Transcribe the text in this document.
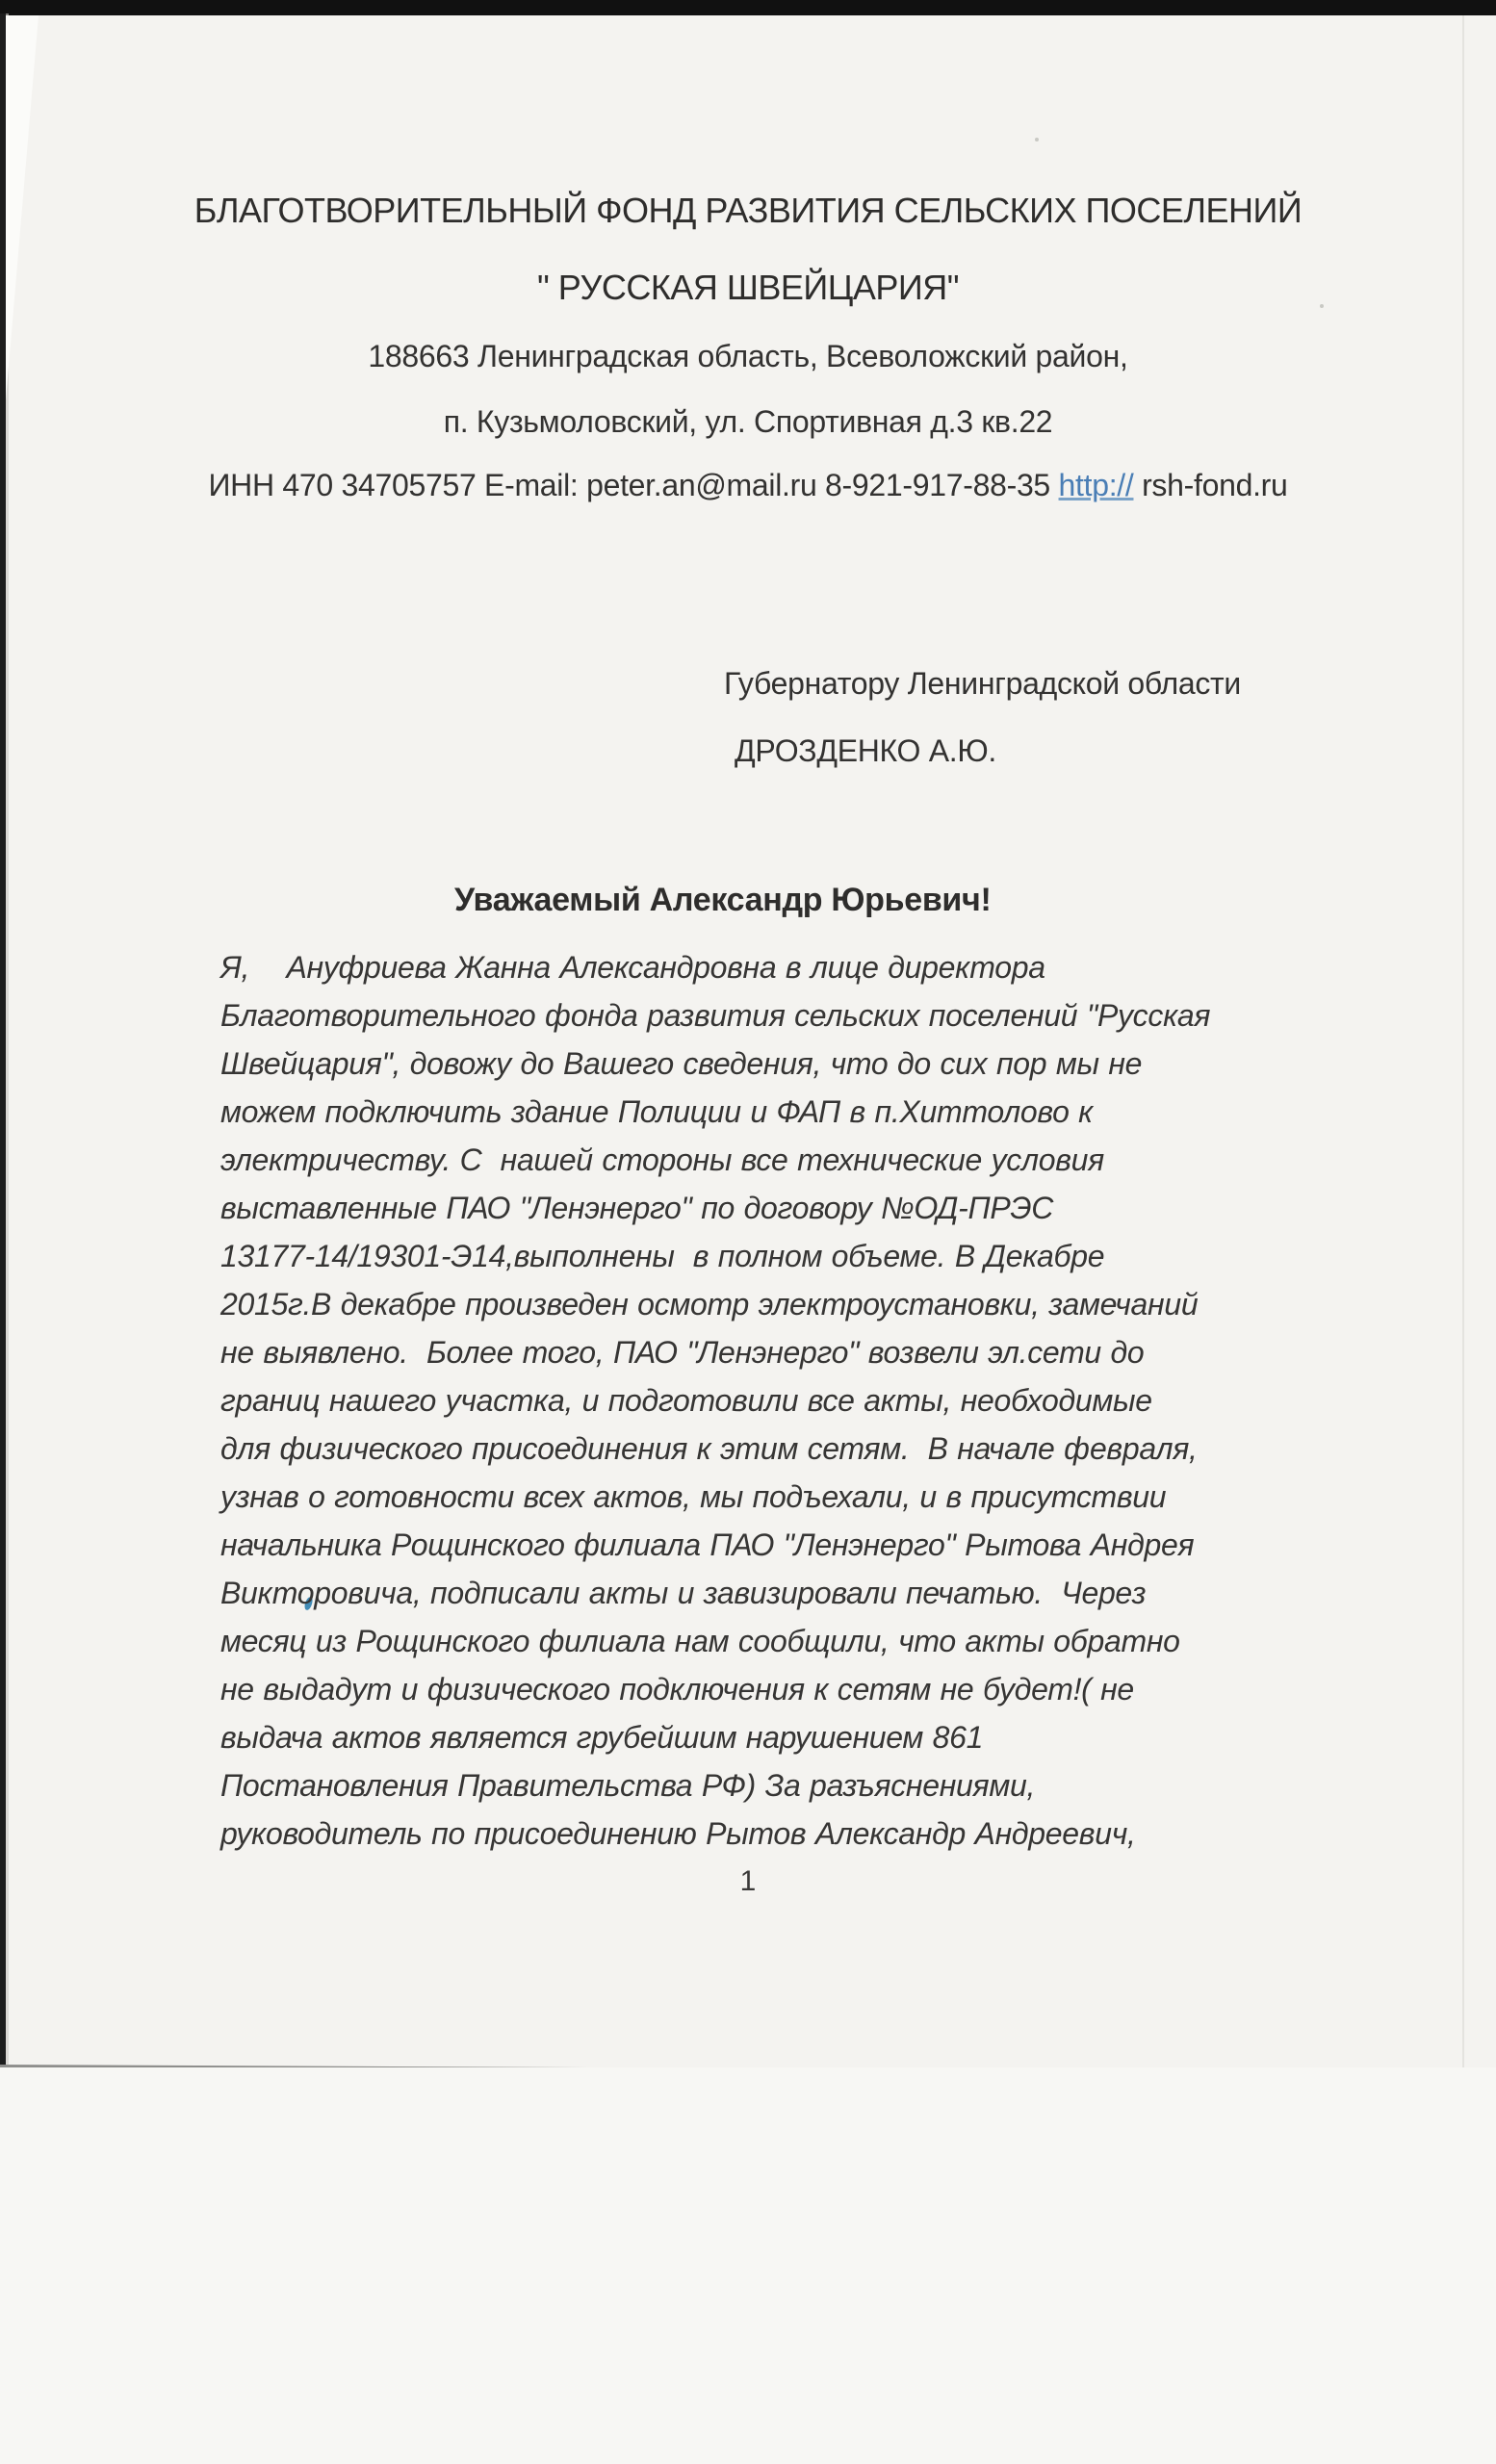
БЛАГОТВОРИТЕЛЬНЫЙ ФОНД РАЗВИТИЯ СЕЛЬСКИХ ПОСЕЛЕНИЙ
" РУССКАЯ ШВЕЙЦАРИЯ"
188663 Ленинградская область, Всеволожский район,
п. Кузьмоловский, ул. Спортивная д.3 кв.22
ИНН 470 34705757 E-mail: peter.an@mail.ru 8-921-917-88-35 http:// rsh-fond.ru
Губернатору Ленинградской области
ДРОЗДЕНКО А.Ю.
Уважаемый Александр Юрьевич!
Я,    Ануфриева Жанна Александровна в лице директора
Благотворительного фонда развития сельских поселений "Русская
Швейцария", довожу до Вашего сведения, что до сих пор мы не
можем подключить здание Полиции и ФАП в п.Хиттолово к
электричеству. С  нашей стороны все технические условия
выставленные ПАО "Ленэнерго" по договору №ОД-ПРЭС
13177-14/19301-Э14,выполнены  в полном объеме. В Декабре
2015г.В декабре произведен осмотр электроустановки, замечаний
не выявлено.  Более того, ПАО "Ленэнерго" возвели эл.сети до
границ нашего участка, и подготовили все акты, необходимые
для физического присоединения к этим сетям.  В начале февраля,
узнав о готовности всех актов, мы подъехали, и в присутствии
начальника Рощинского филиала ПАО "Ленэнерго" Рытова Андрея
Викторовича, подписали акты и завизировали печатью.  Через
месяц из Рощинского филиала нам сообщили, что акты обратно
не выдадут и физического подключения к сетям не будет!( не
выдача актов является грубейшим нарушением 861
Постановления Правительства РФ) За разъяснениями,
руководитель по присоединению Рытов Александр Андреевич,
1
